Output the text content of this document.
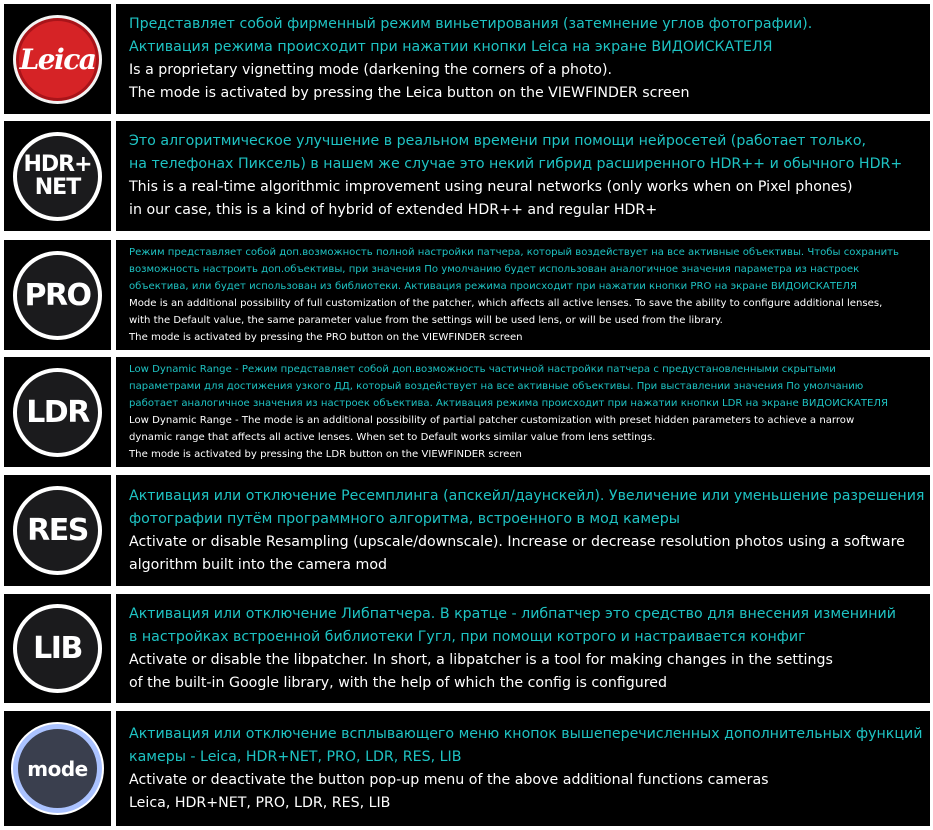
Leica
Представляет собой фирменный режим виньетирования (затемнение углов фотографии).
Активация режима происходит при нажатии кнопки Leica на экране ВИДОИСКАТЕЛЯ
Is a proprietary vignetting mode (darkening the corners of a photo).
The mode is activated by pressing the Leica button on the VIEWFINDER screen
HDR+
NET
Это алгоритмическое улучшение в реальном времени при помощи нейросетей (работает только,
на телефонах Пиксель) в нашем же случае это некий гибрид расширенного HDR++ и обычного HDR+
This is a real-time algorithmic improvement using neural networks (only works when on Pixel phones)
in our case, this is a kind of hybrid of extended HDR++ and regular HDR+
PRO
Режим представляет собой доп.возможность полной настройки патчера, который воздействует на все активные объективы. Чтобы сохранить
возможность настроить доп.объективы, при значения По умолчанию будет использован аналогичное значения параметра из настроек
объектива, или будет использован из библиотеки. Активация режима происходит при нажатии кнопки PRO на экране ВИДОИСКАТЕЛЯ
Mode is an additional possibility of full customization of the patcher, which affects all active lenses. To save the ability to configure additional lenses,
with the Default value, the same parameter value from the settings will be used lens, or will be used from the library.
The mode is activated by pressing the PRO button on the VIEWFINDER screen
LDR
Low Dynamic Range - Режим представляет собой доп.возможность частичной настройки патчера с предустановленными скрытыми
параметрами для достижения узкого ДД, который воздействует на все активные объективы. При выставлении значения По умолчанию
работает аналогичное значения из настроек объектива. Активация режима происходит при нажатии кнопки LDR на экране ВИДОИСКАТЕЛЯ
Low Dynamic Range - The mode is an additional possibility of partial patcher customization with preset hidden parameters to achieve a narrow
dynamic range that affects all active lenses. When set to Default works similar value from lens settings.
The mode is activated by pressing the LDR button on the VIEWFINDER screen
RES
Активация или отключение Ресемплинга (апскейл/даунскейл). Увеличение или уменьшение разрешения
фотографии путём программного алгоритма, встроенного в мод камеры
Activate or disable Resampling (upscale/downscale). Increase or decrease resolution photos using a software
algorithm built into the camera mod
LIB
Активация или отключение Либпатчера. В кратце - либпатчер это средство для внесения измениний
в настройках встроенной библиотеки Гугл, при помощи котрого и настраивается конфиг
Activate or disable the libpatcher. In short, a libpatcher is a tool for making changes in the settings
of the built-in Google library, with the help of which the config is configured
mode
Активация или отключение всплывающего меню кнопок вышеперечисленных дополнительных функций
камеры - Leica, HDR+NET, PRO, LDR, RES, LIB
Activate or deactivate the button pop-up menu of the above additional functions cameras
Leica, HDR+NET, PRO, LDR, RES, LIB
